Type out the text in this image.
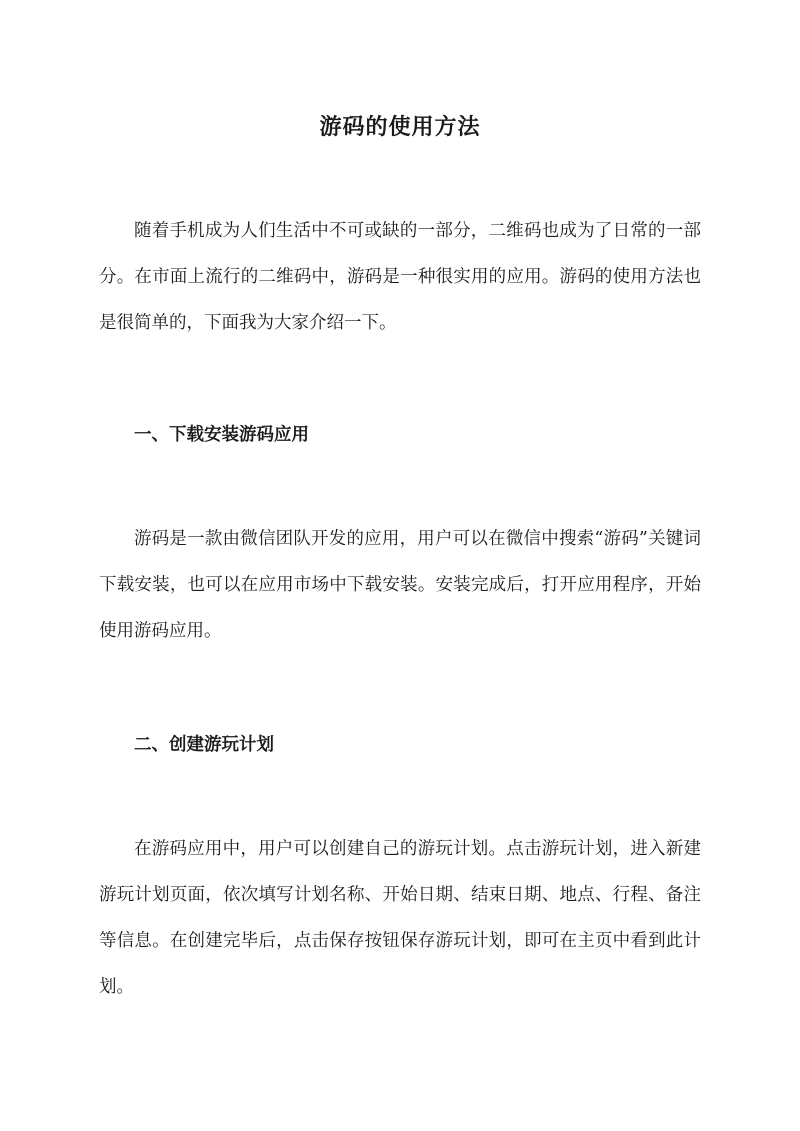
游码的使用方法

随着手机成为人们生活中不可或缺的一部分，二维码也成为了日常的一部分。在市面上流行的二维码中，游码是一种很实用的应用。游码的使用方法也是很简单的，下面我为大家介绍一下。

一、下载安装游码应用

游码是一款由微信团队开发的应用，用户可以在微信中搜索“游码”关键词下载安装，也可以在应用市场中下载安装。安装完成后，打开应用程序，开始使用游码应用。

二、创建游玩计划

在游码应用中，用户可以创建自己的游玩计划。点击游玩计划，进入新建游玩计划页面，依次填写计划名称、开始日期、结束日期、地点、行程、备注等信息。在创建完毕后，点击保存按钮保存游玩计划，即可在主页中看到此计划。
